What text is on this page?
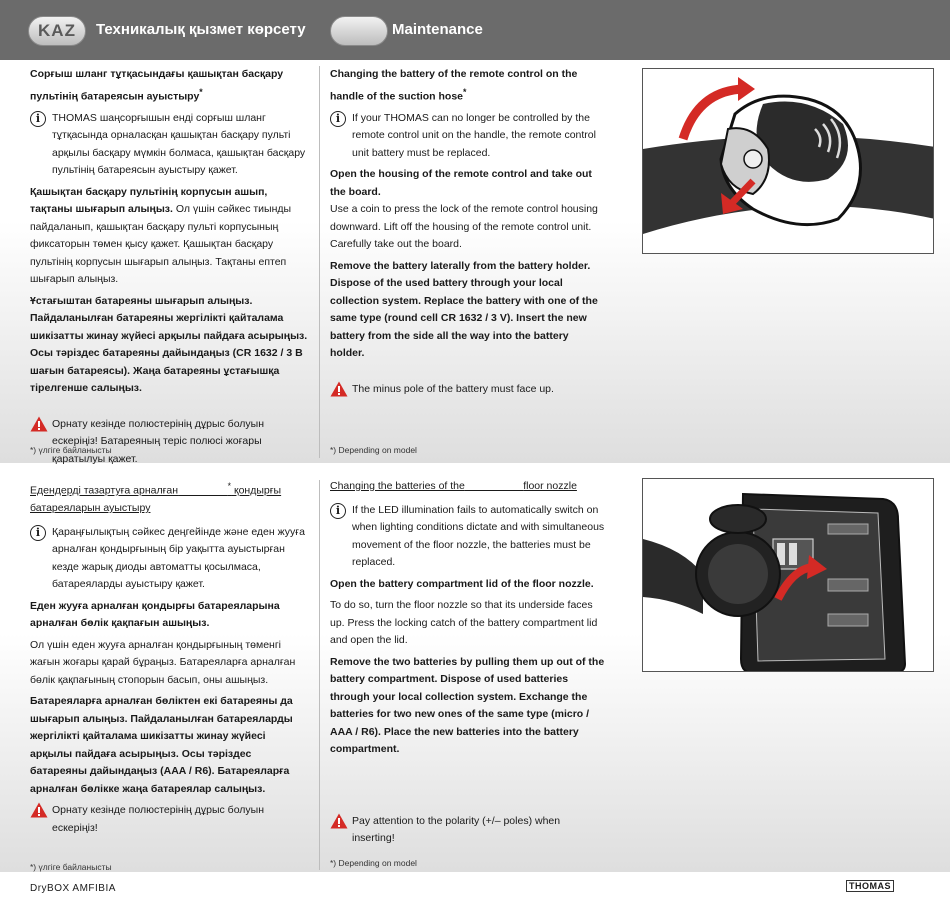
KAZ	Техникалық қызмет көрсету	Maintenance

Сорғыш шланг тұтқасындағы қашықтан басқару пультінің батареясын ауыстыру*

i	THOMAS шаңсорғышын енді сорғыш шланг тұтқасында орналасқан қашықтан басқару пульті арқылы басқару мүмкін болмаса, қашықтан басқару пультінің батареясын ауыстыру қажет.

Қашықтан басқару пультінің корпусын ашып, тақтаны шығарып алыңыз. Ол үшін сәйкес тиынды пайдаланып, қашықтан басқару пульті корпусының фиксаторын төмен қысу қажет. Қашықтан басқару пультінің корпусын шығарып алыңыз. Тақтаны ептеп шығарып алыңыз.

Ұстағыштан батареяны шығарып алыңыз. Пайдаланылған батареяны жергілікті қайталама шикізатты жинау жүйесі арқылы пайдаға асырыңыз. Осы тәріздес батареяны дайындаңыз (CR 1632 / 3 В шағын батареясы). Жаңа батареяны ұстағышқа тірелгенше салыңыз.

Орнату кезінде полюстерінің дұрыс болуын ескеріңіз! Батареяның теріс полюсі жоғары қаратылуы қажет.
*) үлгіге байланысты

Changing the battery of the remote control on the handle of the suction hose*

i	If your THOMAS can no longer be controlled by the remote control unit on the handle, the remote control unit battery must be replaced.

Open the housing of the remote control and take out the board.
Use a coin to press the lock of the remote control housing downward. Lift off the housing of the remote control unit. Carefully take out the board.

Remove the battery laterally from the battery holder. Dispose of the used battery through your local collection system. Replace the battery with one of the same type (round cell CR 1632 / 3 V). Insert the new battery from the side all the way into the battery holder.

The minus pole of the battery must face up.
*) Depending on model

Едендерді тазартуға арналған	* қондырғы батареяларын ауыстыру

i	Қараңғылықтың сәйкес деңгейінде және еден жууға арналған қондырғының бір уақытта ауыстырған кезде жарық диоды автоматты қосылмаса, батареяларды ауыстыру қажет.

Еден жууға арналған қондырғы батареяларына арналған бөлік қақпағын ашыңыз.

Ол үшін еден жууға арналған қондырғының төменгі жағын жоғары қарай бұраңыз. Батареяларға арналған бөлік қақпағының стопорын басып, оны ашыңыз.

Батареяларға арналған бөліктен екі батареяны да шығарып алыңыз. Пайдаланылған батареяларды жергілікті қайталама шикізатты жинау жүйесі арқылы пайдаға асырыңыз. Осы тәріздес батареяны дайындаңыз (AAA / R6). Батареяларға арналған бөлікке жаңа батареялар салыңыз.

Орнату кезінде полюстерінің дұрыс болуын ескеріңіз!
*) үлгіге байланысты

Changing the batteries of the	floor nozzle

i	If the LED illumination fails to automatically switch on when lighting conditions dictate and with simultaneous movement of the floor nozzle, the batteries must be replaced.

Open the battery compartment lid of the floor nozzle.

To do so, turn the floor nozzle so that its underside faces up. Press the locking catch of the battery compartment lid and open the lid.

Remove the two batteries by pulling them up out of the battery compartment. Dispose of used batteries through your local collection system. Exchange the batteries for two new ones of the same type (micro / AAA / R6). Place the new batteries into the battery compartment.

Pay attention to the polarity (+/– poles) when inserting!
*) Depending on model
DryBOX AMFIBIA	THOMAS
